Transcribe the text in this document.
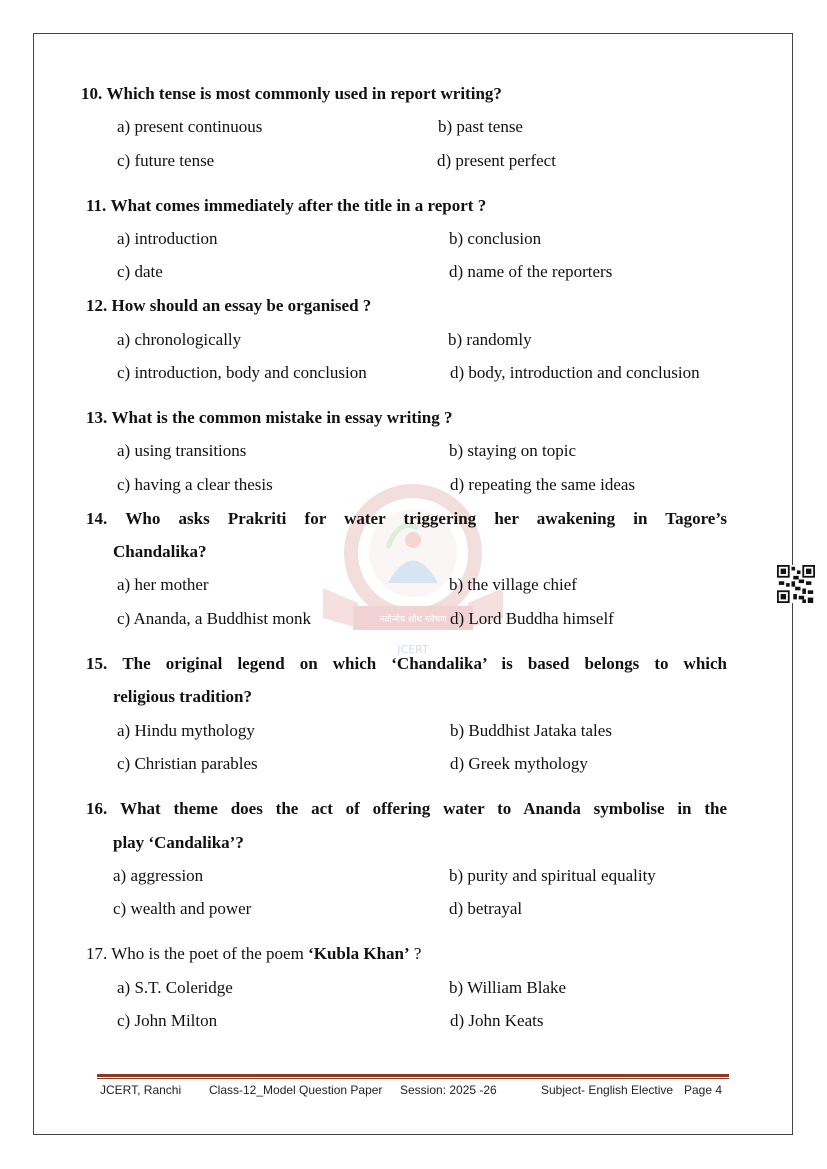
नवोन्मेष शोध गवेषण
JCERT
10. Which tense is most commonly used in report writing?
a) present continuous	b) past tense
c) future tense	d) present perfect
11. What comes immediately after the title in a report ?
a) introduction	b) conclusion
c) date	d) name of the reporters
12. How should an essay be organised ?
a) chronologically	b) randomly
c) introduction, body and conclusion	d) body, introduction and conclusion
13. What is the common mistake in essay writing ?
a) using transitions	b) staying on topic
c) having a clear thesis	d) repeating the same ideas
14. Who asks Prakriti for water triggering her awakening in Tagore’s
Chandalika?
a) her mother	b) the village chief
c) Ananda, a Buddhist monk	d) Lord Buddha himself
15. The original legend on which ‘Chandalika’ is based belongs to which
religious tradition?
a) Hindu mythology	b) Buddhist Jataka tales
c) Christian parables	d) Greek mythology
16. What theme does the act of offering water to Ananda symbolise in the
play ‘Candalika’?
a) aggression	b) purity and spiritual equality
c) wealth and power	d) betrayal
17. Who is the poet of the poem ‘Kubla Khan’ ?
a) S.T. Coleridge	b) William Blake
c) John Milton	d) John Keats
JCERT, Ranchi Class-12_Model Question Paper Session: 2025 -26	Subject- English Elective Page 4
